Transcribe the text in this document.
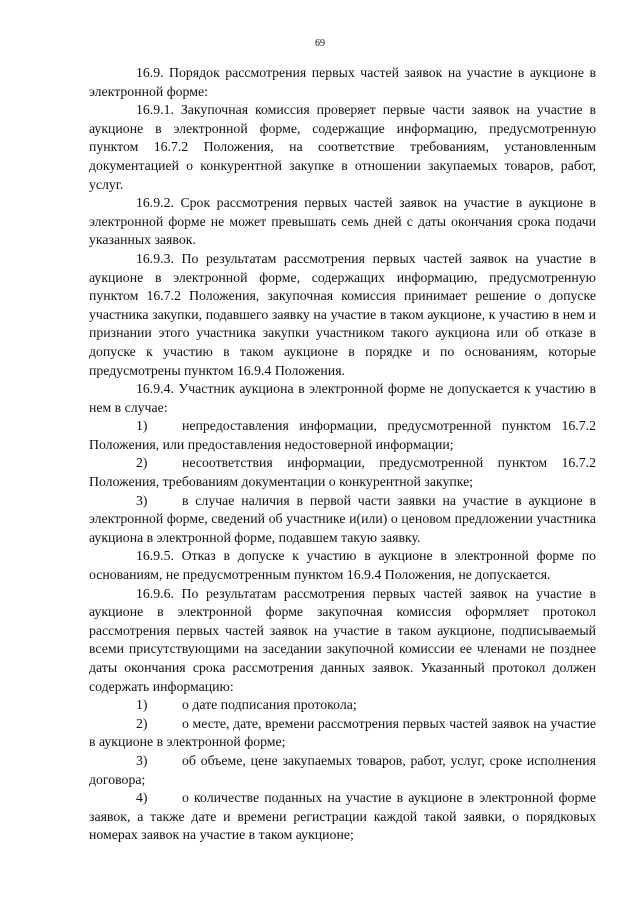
69

16.9. Порядок рассмотрения первых частей заявок на участие в аукционе в электронной форме:

16.9.1. Закупочная комиссия проверяет первые части заявок на участие в аукционе в электронной форме, содержащие информацию, предусмотренную пунктом 16.7.2 Положения, на соответствие требованиям, установленным документацией о конкурентной закупке в отношении закупаемых товаров, работ, услуг.

16.9.2. Срок рассмотрения первых частей заявок на участие в аукционе в электронной форме не может превышать семь дней с даты окончания срока подачи указанных заявок.

16.9.3. По результатам рассмотрения первых частей заявок на участие в аукционе в электронной форме, содержащих информацию, предусмотренную пунктом 16.7.2 Положения, закупочная комиссия принимает решение о допуске участника закупки, подавшего заявку на участие в таком аукционе, к участию в нем и признании этого участника закупки участником такого аукциона или об отказе в допуске к участию в таком аукционе в порядке и по основаниям, которые предусмотрены пунктом 16.9.4 Положения.

16.9.4. Участник аукциона в электронной форме не допускается к участию в нем в случае:

1)	непредоставления информации, предусмотренной пунктом 16.7.2 Положения, или предоставления недостоверной информации;

2)	несоответствия информации, предусмотренной пунктом 16.7.2 Положения, требованиям документации о конкурентной закупке;

3)	в случае наличия в первой части заявки на участие в аукционе в электронной форме, сведений об участнике и(или) о ценовом предложении участника аукциона в электронной форме, подавшем такую заявку.

16.9.5. Отказ в допуске к участию в аукционе в электронной форме по основаниям, не предусмотренным пунктом 16.9.4 Положения, не допускается.

16.9.6. По результатам рассмотрения первых частей заявок на участие в аукционе в электронной форме закупочная комиссия оформляет протокол рассмотрения первых частей заявок на участие в таком аукционе, подписываемый всеми присутствующими на заседании закупочной комиссии ее членами не позднее даты окончания срока рассмотрения данных заявок. Указанный протокол должен содержать информацию:

1)	о дате подписания протокола;

2)	о месте, дате, времени рассмотрения первых частей заявок на участие в аукционе в электронной форме;

3)	об объеме, цене закупаемых товаров, работ, услуг, сроке исполнения договора;

4)	о количестве поданных на участие в аукционе в электронной форме заявок, а также дате и времени регистрации каждой такой заявки, о порядковых номерах заявок на участие в таком аукционе;
